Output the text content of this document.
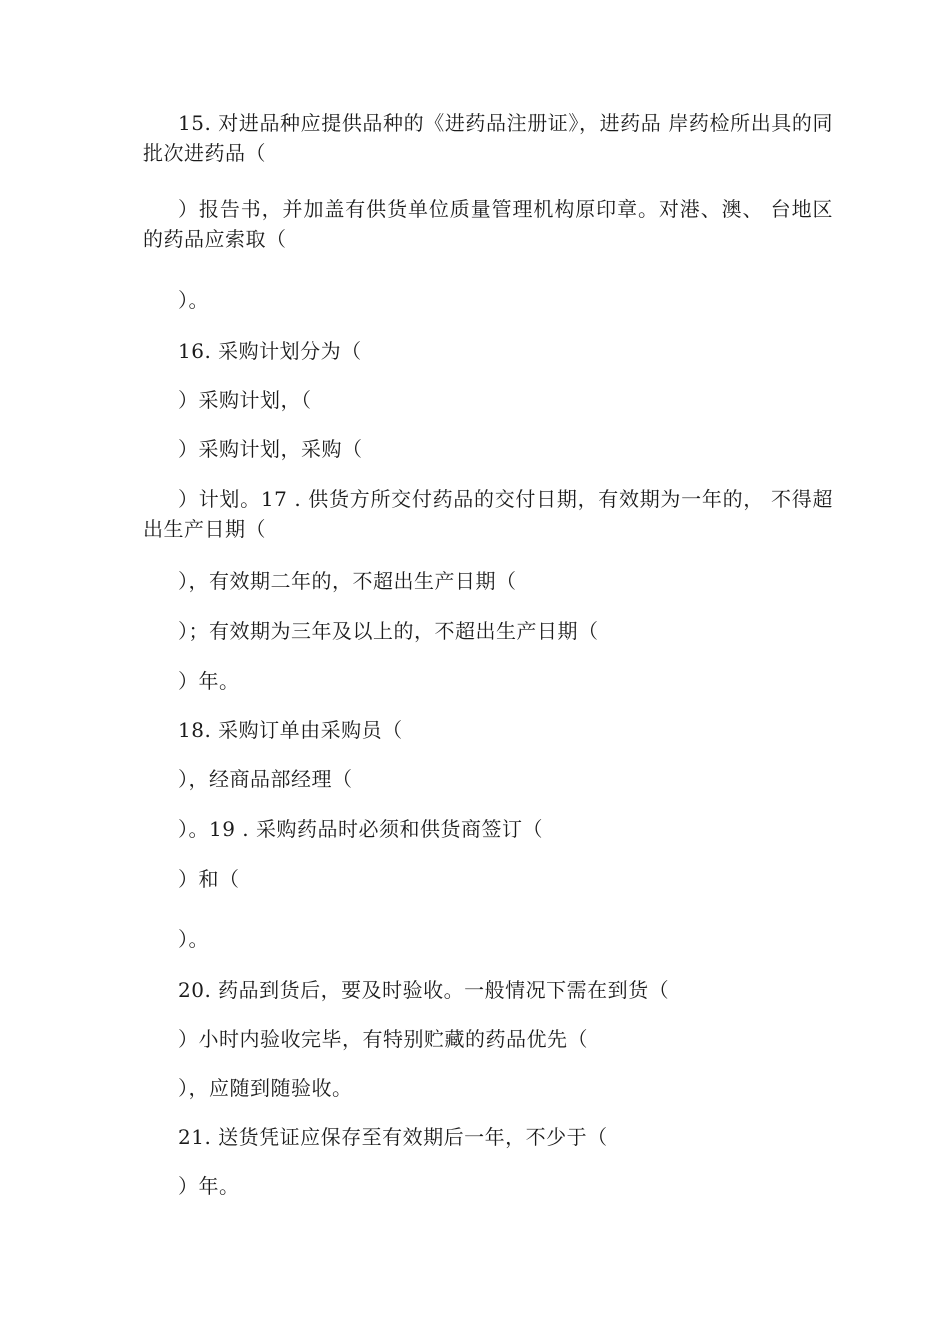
15. 对进品种应提供品种的《进药品注册证》，进药品 岸药检所出具的同批次进药品（
）报告书，并加盖有供货单位质量管理机构原印章。对港、澳、 台地区的药品应索取（
）。
16. 采购计划分为（
）采购计划，（
）采购计划，采购（
）计划。17 . 供货方所交付药品的交付日期，有效期为一年的， 不得超出生产日期（
），有效期二年的，不超出生产日期（
）；有效期为三年及以上的，不超出生产日期（
）年。
18. 采购订单由采购员（
），经商品部经理（
）。19 . 采购药品时必须和供货商签订（
）和（
）。
20. 药品到货后，要及时验收。一般情况下需在到货（
）小时内验收完毕，有特别贮藏的药品优先（
），应随到随验收。
21. 送货凭证应保存至有效期后一年，不少于（
）年。
